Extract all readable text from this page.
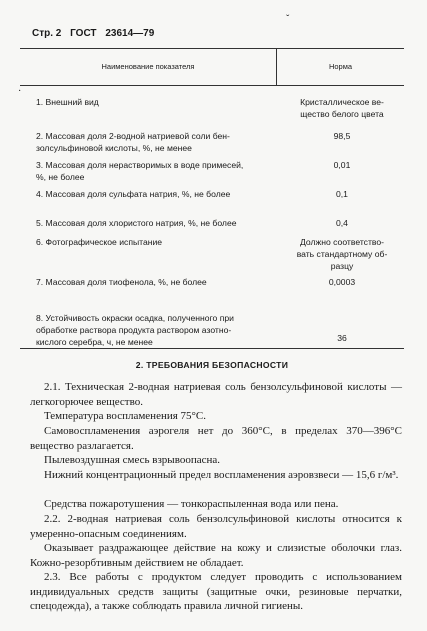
Стр. 2 ГОСТ 23614—79
ˇ
Наименование показателя	Норма
·
1. Внешний вид	Кристаллическое ве-
щество белого цвета
2. Массовая доля 2-водной натриевой соли бен-
золсульфиновой кислоты, %, не менее
98,5
3. Массовая доля нерастворимых в воде примесей,
%, не более
0,01
4. Массовая доля сульфата натрия, %, не более	0,1
5. Массовая доля хлористого натрия, %, не более	0,4
6. Фотографическое испытание	Должно соответство-
вать стандартному об-
разцу
7. Массовая доля тиофенола, %, не более	0,0003
8. Устойчивость окраски осадка, полученного при
обработке раствора продукта раствором азотно-
кислого серебра, ч, не менее	36
2. ТРЕБОВАНИЯ БЕЗОПАСНОСТИ
2.1. Техническая 2-водная натриевая соль бензолсульфиновой кислоты — легкогорючее вещество.
Температура воспламенения 75°С.
Самовоспламенения аэрогеля нет до 360°С, в пределах 370—396°С вещество разлагается.
Пылевоздушная смесь взрывоопасна.
Нижний концентрационный предел воспламенения аэровзвеси — 15,6 г/м³.
Средства пожаротушения — тонкораспыленная вода или пена.
2.2. 2-водная натриевая соль бензолсульфиновой кислоты относится к умеренно-опасным соединениям.
Оказывает раздражающее действие на кожу и слизистые оболочки глаз. Кожно-резорбтивным действием не обладает.
2.3. Все работы с продуктом следует проводить с использованием индивидуальных средств защиты (защитные очки, резиновые перчатки, спецодежда), а также соблюдать правила личной гигиены.
